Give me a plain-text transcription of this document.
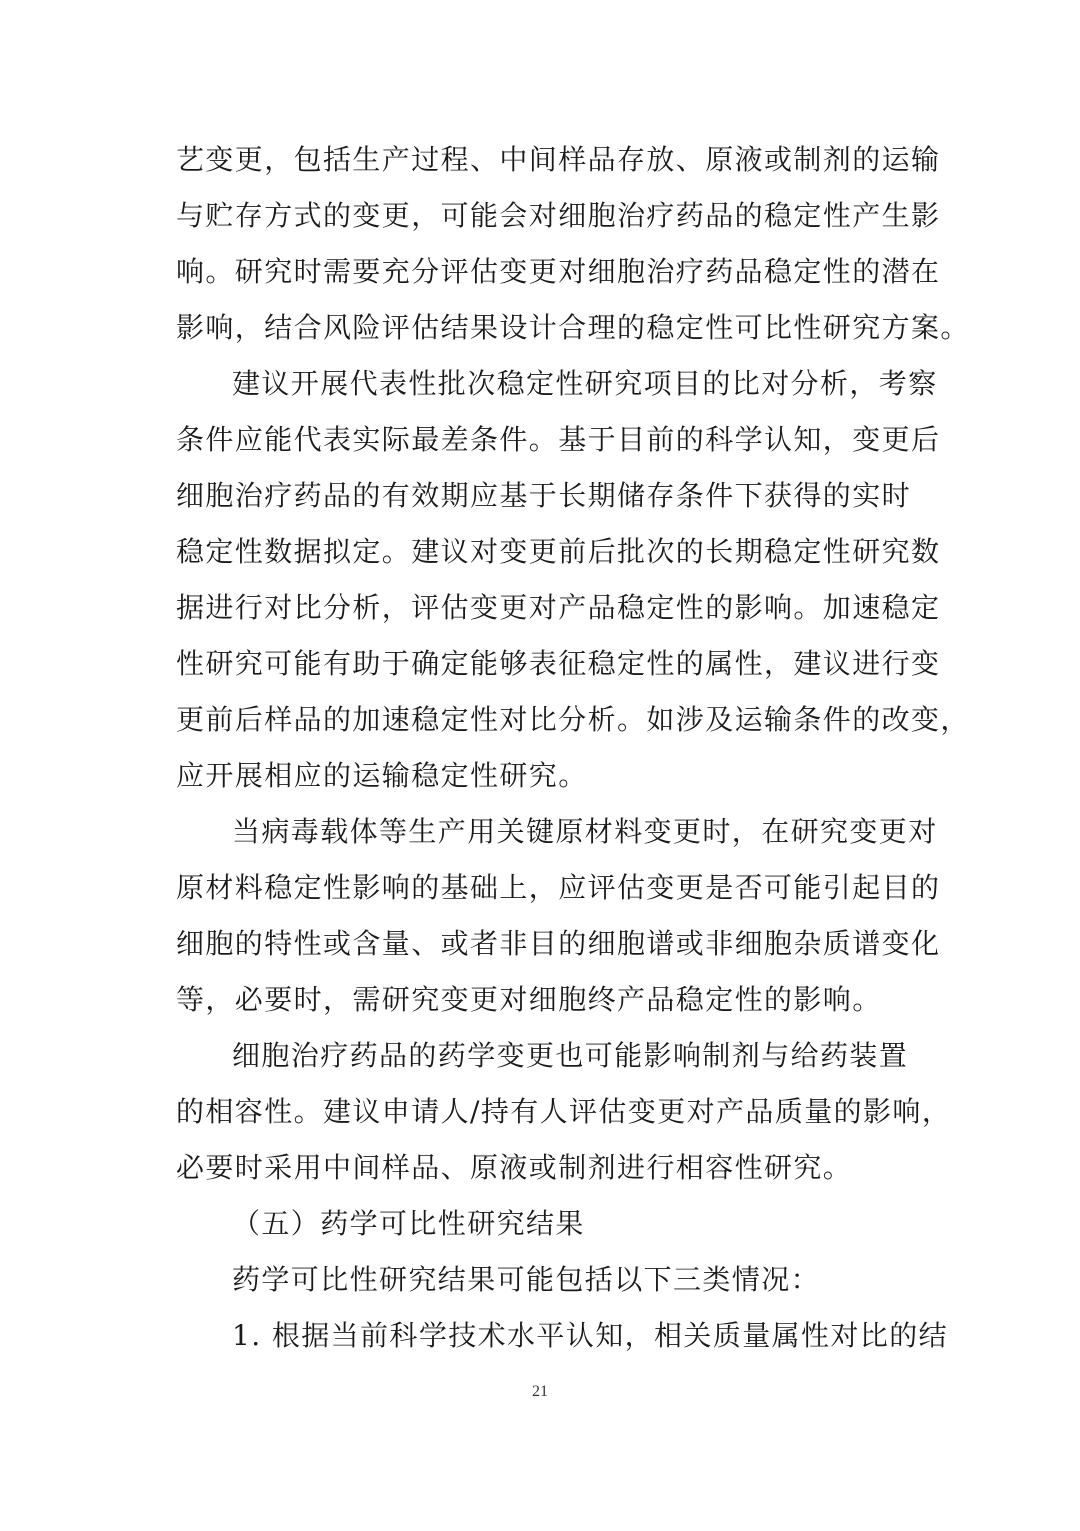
艺变更，包括生产过程、中间样品存放、原液或制剂的运输
与贮存方式的变更，可能会对细胞治疗药品的稳定性产生影
响。研究时需要充分评估变更对细胞治疗药品稳定性的潜在
影响，结合风险评估结果设计合理的稳定性可比性研究方案。
建议开展代表性批次稳定性研究项目的比对分析，考察
条件应能代表实际最差条件。基于目前的科学认知，变更后
细胞治疗药品的有效期应基于长期储存条件下获得的实时
稳定性数据拟定。建议对变更前后批次的长期稳定性研究数
据进行对比分析，评估变更对产品稳定性的影响。加速稳定
性研究可能有助于确定能够表征稳定性的属性，建议进行变
更前后样品的加速稳定性对比分析。如涉及运输条件的改变，
应开展相应的运输稳定性研究。
当病毒载体等生产用关键原材料变更时，在研究变更对
原材料稳定性影响的基础上，应评估变更是否可能引起目的
细胞的特性或含量、或者非目的细胞谱或非细胞杂质谱变化
等，必要时，需研究变更对细胞终产品稳定性的影响。
细胞治疗药品的药学变更也可能影响制剂与给药装置
的相容性。建议申请人/持有人评估变更对产品质量的影响，
必要时采用中间样品、原液或制剂进行相容性研究。
（五）药学可比性研究结果
药学可比性研究结果可能包括以下三类情况：
1. 根据当前科学技术水平认知，相关质量属性对比的结
21
